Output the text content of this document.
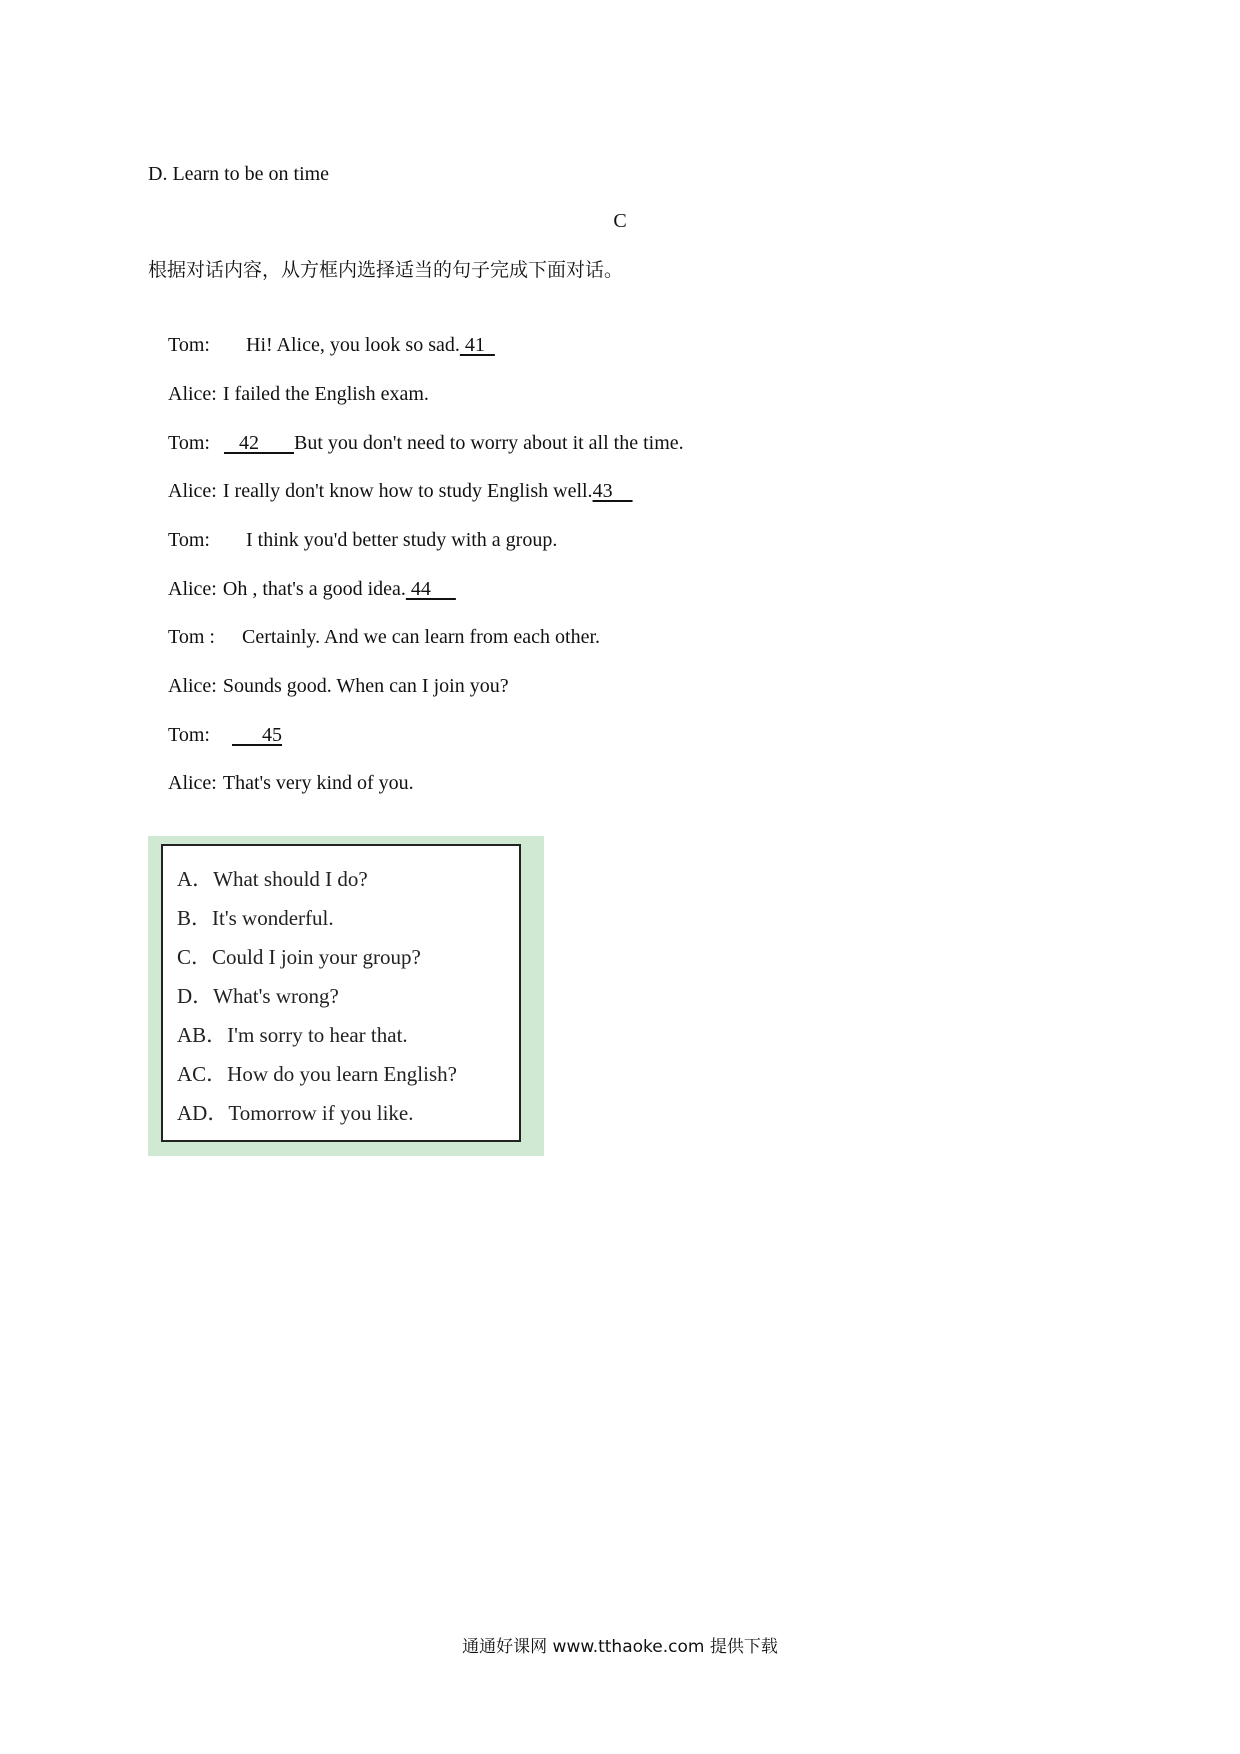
D. Learn to be on time
C
根据对话内容，从方框内选择适当的句子完成下面对话。

Tom: Hi! Alice, you look so sad. 41

Alice: I failed the English exam.

Tom:   42       But you don't need to worry about it all the time.

Alice: I really don't know how to study English well.43

Tom: I think you'd better study with a group.

Alice: Oh , that's a good idea. 44

Tom : Certainly. And we can learn from each other.

Alice: Sounds good. When can I join you?

Tom:      45

Alice: That's very kind of you.

A．What should I do?
B．It's wonderful.
C．Could I join your group?
D．What's wrong?
AB．I'm sorry to hear that.
AC．How do you learn English?
AD．Tomorrow if you like.
通通好课网 www.tthaoke.com 提供下载
